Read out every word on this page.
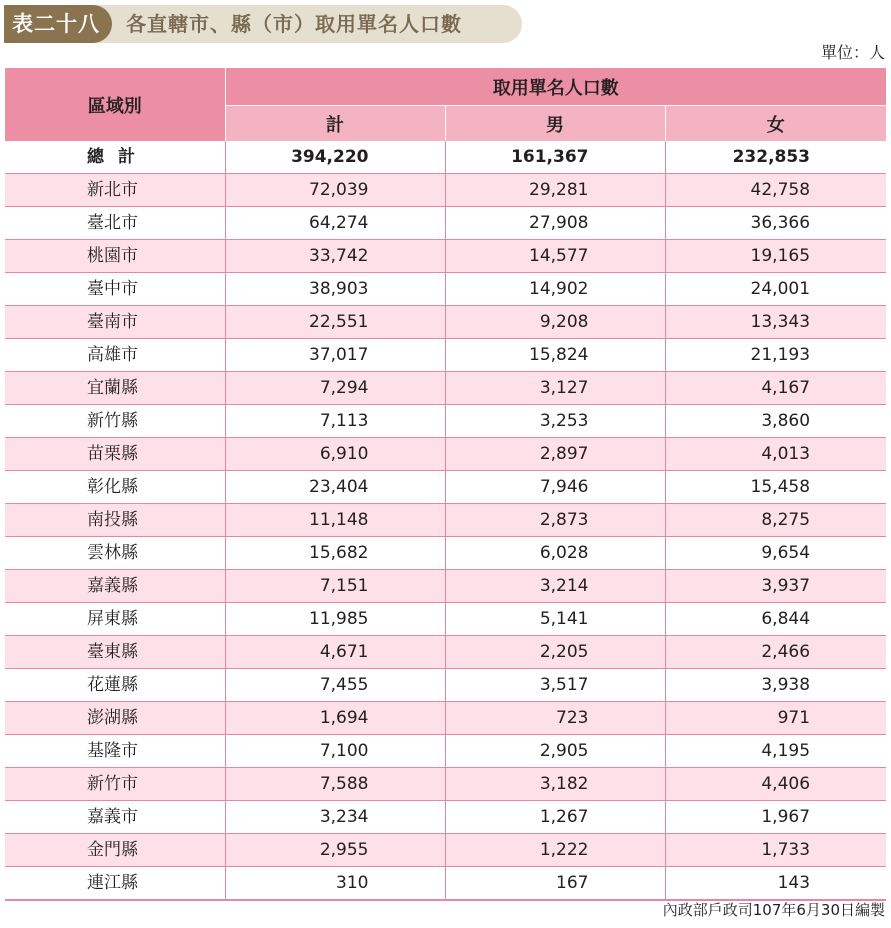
表二十八	各直轄市、縣（市）取用單名人口數
單位：人
區域別	取用單名人口數		
	計	男	女
總計	394,220	161,367	232,853
新北市	72,039	29,281	42,758
臺北市	64,274	27,908	36,366
桃園市	33,742	14,577	19,165
臺中市	38,903	14,902	24,001
臺南市	22,551	9,208	13,343
高雄市	37,017	15,824	21,193
宜蘭縣	7,294	3,127	4,167
新竹縣	7,113	3,253	3,860
苗栗縣	6,910	2,897	4,013
彰化縣	23,404	7,946	15,458
南投縣	11,148	2,873	8,275
雲林縣	15,682	6,028	9,654
嘉義縣	7,151	3,214	3,937
屏東縣	11,985	5,141	6,844
臺東縣	4,671	2,205	2,466
花蓮縣	7,455	3,517	3,938
澎湖縣	1,694	723	971
基隆市	7,100	2,905	4,195
新竹市	7,588	3,182	4,406
嘉義市	3,234	1,267	1,967
金門縣	2,955	1,222	1,733
連江縣	310	167	143
內政部戶政司107年6月30日編製
